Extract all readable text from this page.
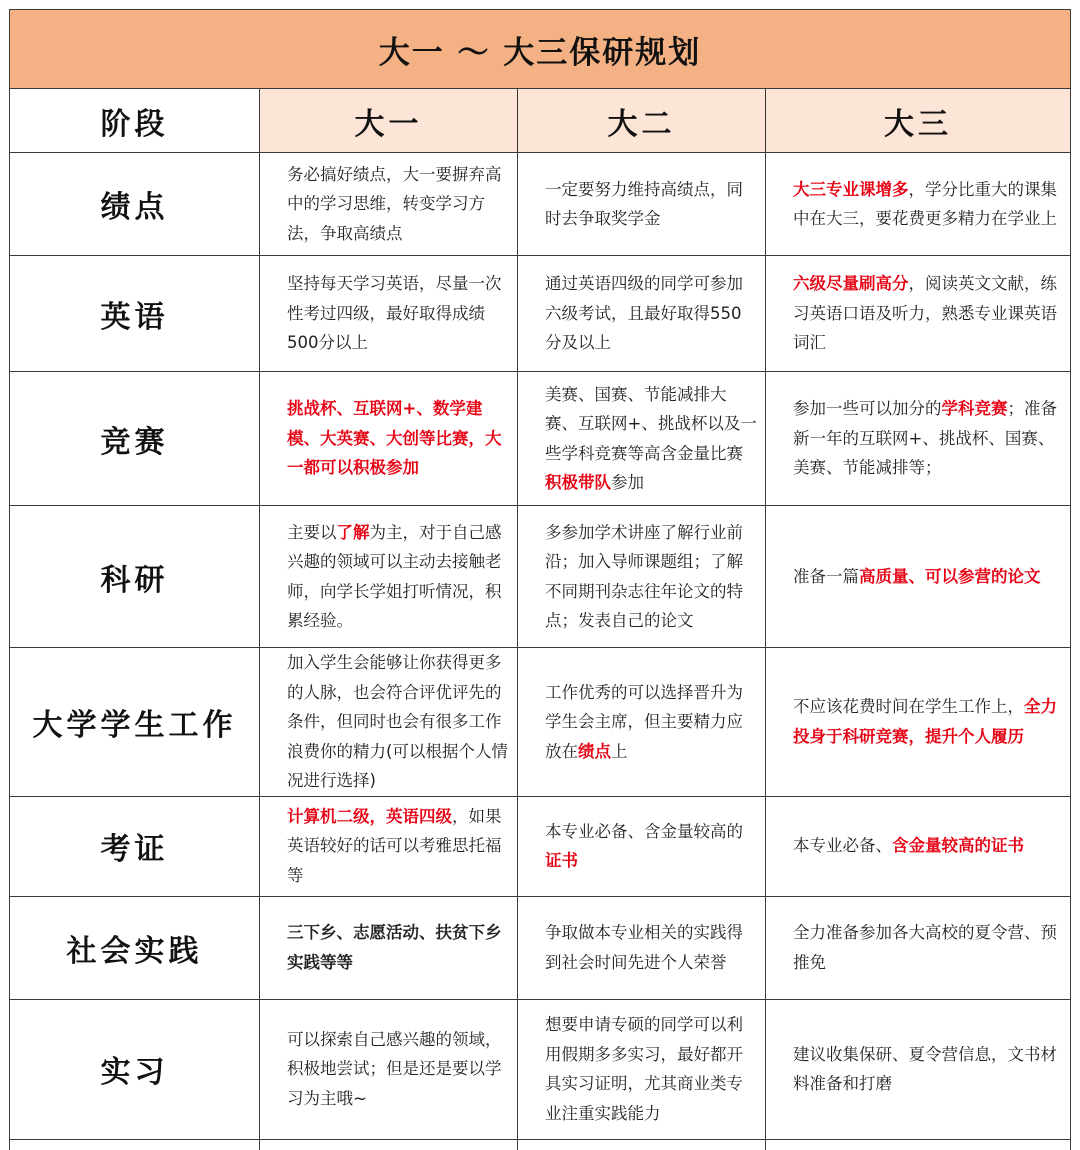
大一 ～ 大三保研规划			
阶段	大一	大二	大三
绩点	务必搞好绩点，大一要摒弃高中的学习思维，转变学习方法，争取高绩点	一定要努力维持高绩点，同时去争取奖学金	大三专业课增多，学分比重大的课集中在大三，要花费更多精力在学业上
英语	坚持每天学习英语，尽量一次性考过四级，最好取得成绩500分以上	通过英语四级的同学可参加六级考试，且最好取得550分及以上	六级尽量刷高分，阅读英文文献，练习英语口语及听力，熟悉专业课英语词汇
竞赛	挑战杯、互联网+、数学建模、大英赛、大创等比赛，大一都可以积极参加	美赛、国赛、节能减排大赛、互联网+、挑战杯以及一些学科竞赛等高含金量比赛积极带队参加	参加一些可以加分的学科竞赛；准备新一年的互联网+、挑战杯、国赛、美赛、节能减排等；
科研	主要以了解为主，对于自己感兴趣的领域可以主动去接触老师，向学长学姐打听情况，积累经验。	多参加学术讲座了解行业前沿；加入导师课题组；了解不同期刊杂志往年论文的特点；发表自己的论文	准备一篇高质量、可以参营的论文
大学学生工作	加入学生会能够让你获得更多的人脉，也会符合评优评先的条件，但同时也会有很多工作浪费你的精力(可以根据个人情况进行选择)	工作优秀的可以选择晋升为学生会主席，但主要精力应放在绩点上	不应该花费时间在学生工作上，全力投身于科研竞赛，提升个人履历
考证	计算机二级，英语四级，如果英语较好的话可以考雅思托福等	本专业必备、含金量较高的证书	本专业必备、含金量较高的证书
社会实践	三下乡、志愿活动、扶贫下乡实践等等	争取做本专业相关的实践得到社会时间先进个人荣誉	全力准备参加各大高校的夏令营、预推免
实习	可以探索自己感兴趣的领域，积极地尝试；但是还是要以学习为主哦~	想要申请专硕的同学可以利用假期多多实习，最好都开具实习证明，尤其商业类专业注重实践能力	建议收集保研、夏令营信息，文书材料准备和打磨
